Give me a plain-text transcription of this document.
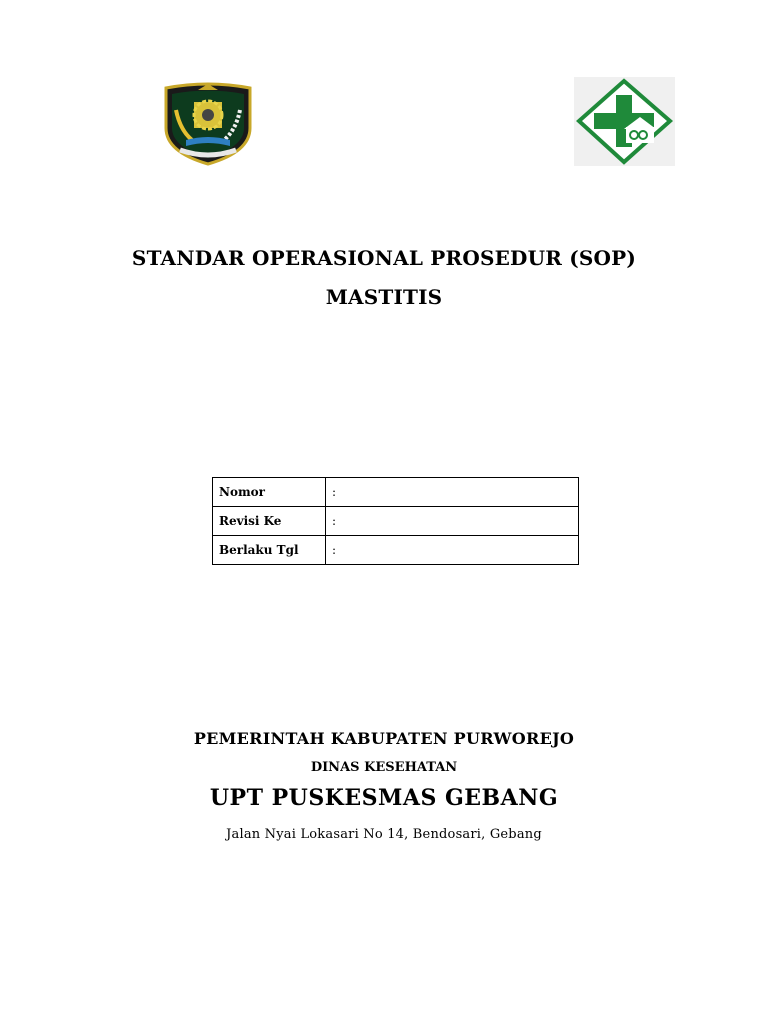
STANDAR OPERASIONAL PROSEDUR (SOP)
MASTITIS
Nomor	:
Revisi Ke	:
Berlaku Tgl	:
PEMERINTAH KABUPATEN PURWOREJO
DINAS KESEHATAN
UPT PUSKESMAS GEBANG
Jalan Nyai Lokasari No 14, Bendosari, Gebang
